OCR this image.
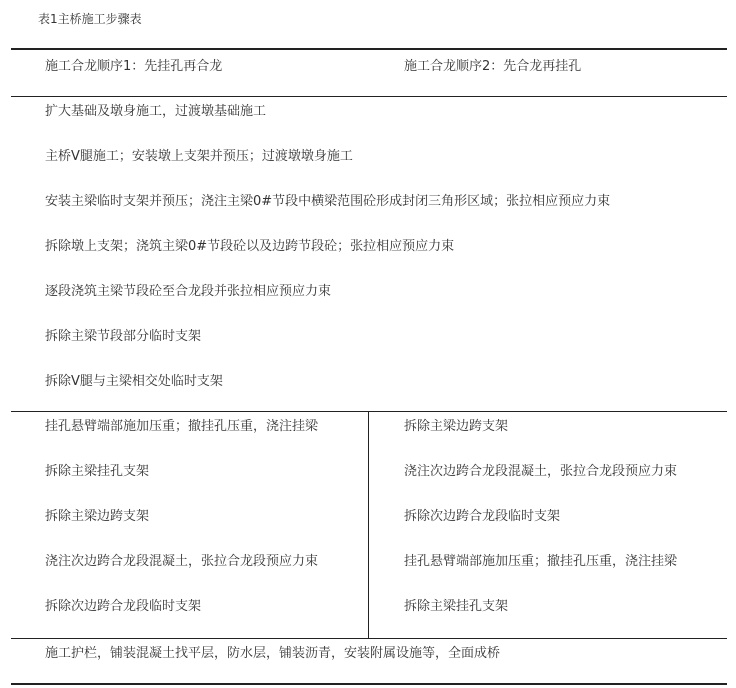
表1主桥施工步骤表
施工合龙顺序1：先挂孔再合龙	施工合龙顺序2：先合龙再挂孔
扩大基础及墩身施工，过渡墩基础施工
主桥V腿施工；安装墩上支架并预压；过渡墩墩身施工
安装主梁临时支架并预压；浇注主梁0#节段中横梁范围砼形成封闭三角形区域；张拉相应预应力束
拆除墩上支架；浇筑主梁0#节段砼以及边跨节段砼；张拉相应预应力束
逐段浇筑主梁节段砼至合龙段并张拉相应预应力束
拆除主梁节段部分临时支架
拆除V腿与主梁相交处临时支架
挂孔悬臂端部施加压重；撤挂孔压重，浇注挂梁
拆除主梁挂孔支架
拆除主梁边跨支架
浇注次边跨合龙段混凝土，张拉合龙段预应力束
拆除次边跨合龙段临时支架
拆除主梁边跨支架
浇注次边跨合龙段混凝土，张拉合龙段预应力束
拆除次边跨合龙段临时支架
挂孔悬臂端部施加压重；撤挂孔压重，浇注挂梁
拆除主梁挂孔支架
施工护栏，铺装混凝土找平层，防水层，铺装沥青，安装附属设施等，全面成桥
